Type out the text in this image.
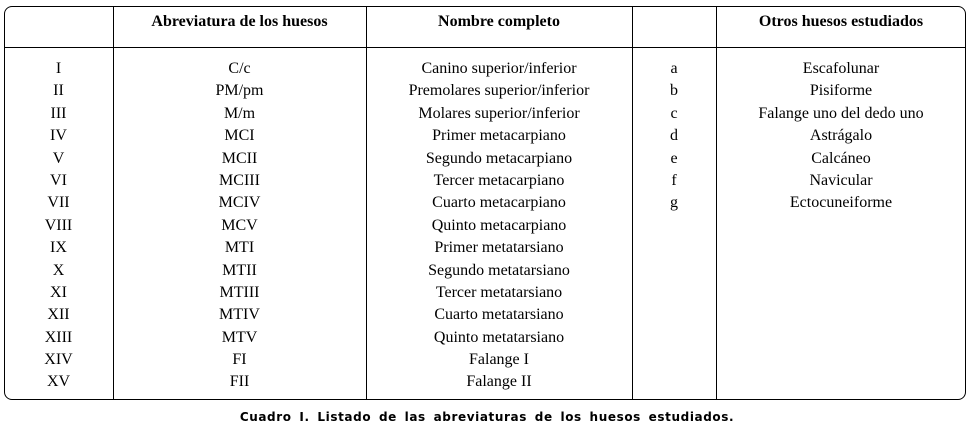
Abreviatura de los huesos	Nombre completo	Otros huesos estudiados
I
II
III
IV
V
VI
VII
VIII
IX
X
XI
XII
XIII
XIV
XV
C/c
PM/pm
M/m
MCI
MCII
MCIII
MCIV
MCV
MTI
MTII
MTIII
MTIV
MTV
FI
FII
Canino superior/inferior
Premolares superior/inferior
Molares superior/inferior
Primer metacarpiano
Segundo metacarpiano
Tercer metacarpiano
Cuarto metacarpiano
Quinto metacarpiano
Primer metatarsiano
Segundo metatarsiano
Tercer metatarsiano
Cuarto metatarsiano
Quinto metatarsiano
Falange I
Falange II
a
b
c
d
e
f
g
Escafolunar
Pisiforme
Falange uno del dedo uno
Astrágalo
Calcáneo
Navicular
Ectocuneiforme
Cuadro I. Listado de las abreviaturas de los huesos estudiados.
